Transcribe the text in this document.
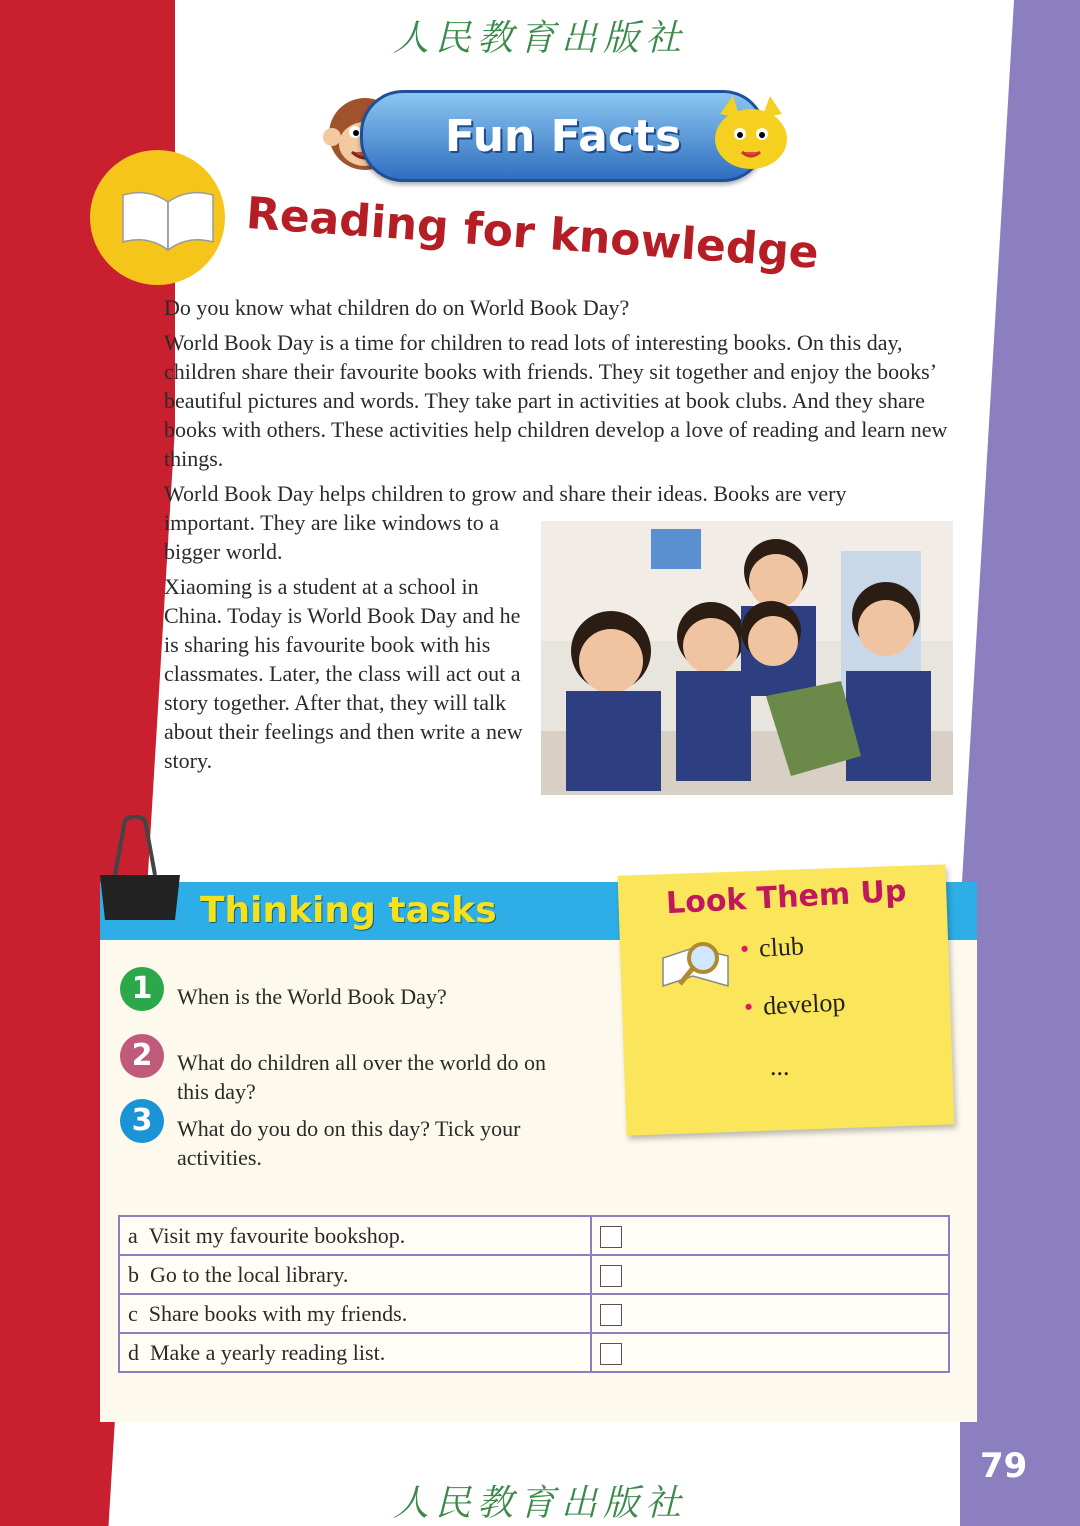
人民教育出版社
Fun Facts
Reading for knowledge
Do you know what children do on World Book Day?
World Book Day is a time for children to read lots of interesting books. On this day, children share their favourite books with friends. They sit together and enjoy the books’ beautiful pictures and words. They take part in activities at book clubs. And they share books with others. These activities help children develop a love of reading and learn new things.
World Book Day helps children to grow and share their ideas. Books are very
important. They are like windows to a bigger world.
Xiaoming is a student at a school in China. Today is World Book Day and he is sharing his favourite book with his classmates. Later, the class will act out a story together. After that, they will talk about their feelings and then write a new story.
Thinking tasks
1	When is the World Book Day?
2	What do children all over the world do on this day?
3	What do you do on this day? Tick your activities.
Look Them Up
• club
• develop
...
a Visit my favourite bookshop.	
b Go to the local library.	
c Share books with my friends.	
d Make a yearly reading list.	
79
人民教育出版社
